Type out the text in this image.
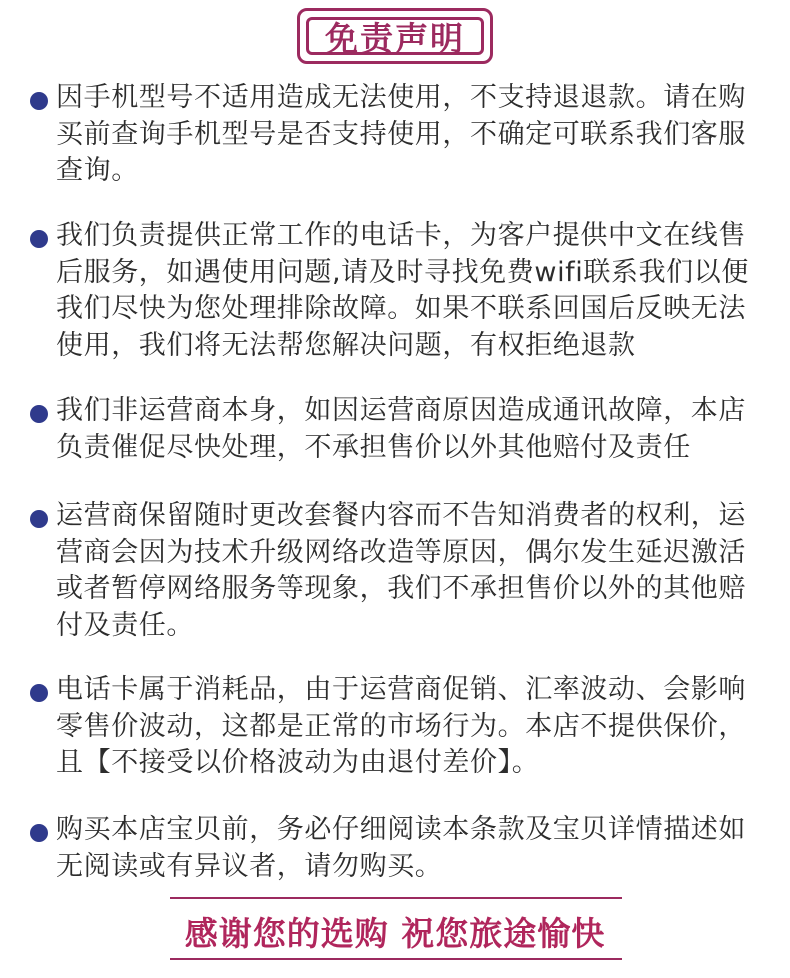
免责声明
因手机型号不适用造成无法使用，不支持退退款。请在购买前查询手机型号是否支持使用，不确定可联系我们客服查询。
我们负责提供正常工作的电话卡，为客户提供中文在线售后服务，如遇使用问题,请及时寻找免费wifi联系我们以便我们尽快为您处理排除故障。如果不联系回国后反映无法使用，我们将无法帮您解决问题，有权拒绝退款
我们非运营商本身，如因运营商原因造成通讯故障，本店负责催促尽快处理，不承担售价以外其他赔付及责任
运营商保留随时更改套餐内容而不告知消费者的权利，运营商会因为技术升级网络改造等原因，偶尔发生延迟激活或者暂停网络服务等现象，我们不承担售价以外的其他赔付及责任。
电话卡属于消耗品，由于运营商促销、汇率波动、会影响零售价波动，这都是正常的市场行为。本店不提供保价，且【不接受以价格波动为由退付差价】。
购买本店宝贝前，务必仔细阅读本条款及宝贝详情描述如无阅读或有异议者，请勿购买。
感谢您的选购 祝您旅途愉快
